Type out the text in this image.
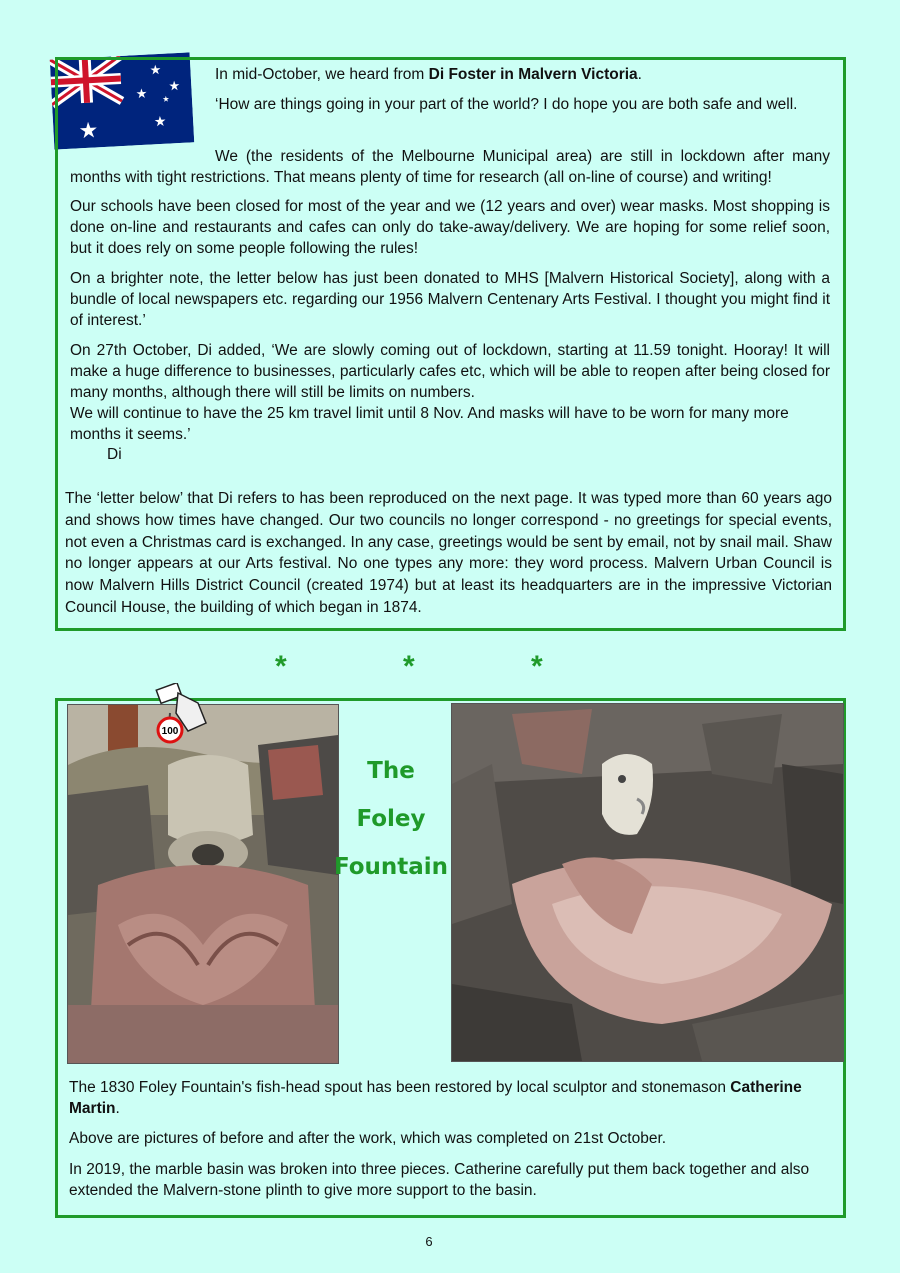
★
★
★
★
★
★

In mid-October, we heard from Di Foster in Malvern Victoria.

‘How are things going in your part of the world? I do hope you are both safe and well.

We (the residents of the Melbourne Municipal area) are still in lockdown after many

months with tight restrictions. That means plenty of time for research (all on-line of course) and writing!

Our schools have been closed for most of the year and we (12 years and over) wear masks. Most shopping is done on-line and restaurants and cafes can only do take-away/delivery. We are hoping for some relief soon, but it does rely on some people following the rules!

On a brighter note, the letter below has just been donated to MHS [Malvern Historical Society], along with a bundle of local newspapers etc. regarding our 1956 Malvern Centenary Arts Festival. I thought you might find it of interest.’

On 27th October, Di added, ‘We are slowly coming out of lockdown, starting at 11.59 tonight. Hooray! It will make a huge difference to businesses, particularly cafes etc, which will be able to reopen after being closed for many months, although there will still be limits on numbers.

We will continue to have the 25 km travel limit until 8 Nov. And masks will have to be worn for many more months it seems.’

Di

The ‘letter below’ that Di refers to has been reproduced on the next page. It was typed more than 60 years ago and shows how times have changed. Our two councils no longer correspond - no greetings for special events, not even a Christmas card is exchanged. In any case, greetings would be sent by email, not by snail mail. Shaw no longer appears at our Arts festival. No one types any more: they word process. Malvern Urban Council is now Malvern Hills District Council (created 1974) but at least its headquarters are in the impressive Victorian Council House, the building of which began in 1874.

*	*	*
100
The
Foley
Fountain

The 1830 Foley Fountain's fish-head spout has been restored by local sculptor and stonemason Catherine Martin.

Above are pictures of before and after the work, which was completed on 21st October.

In 2019, the marble basin was broken into three pieces. Catherine carefully put them back together and also extended the Malvern-stone plinth to give more support to the basin.

6
